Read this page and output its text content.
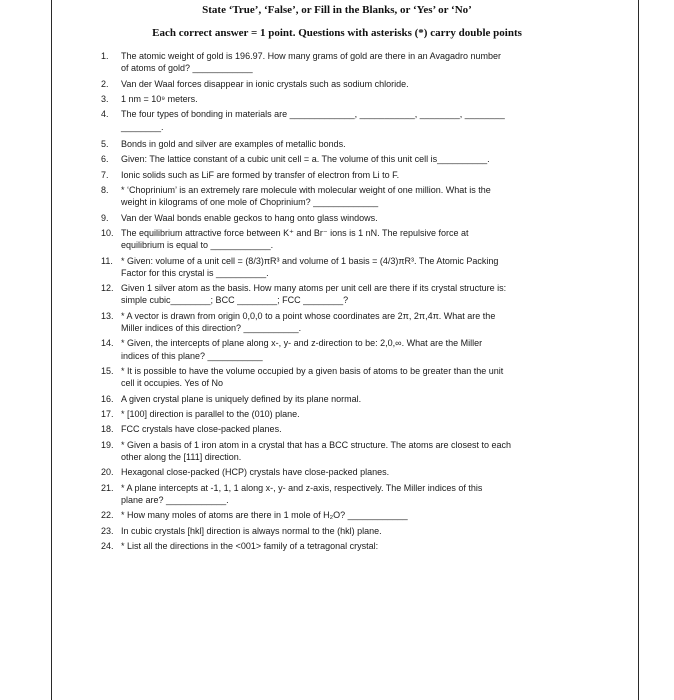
State ‘True’, ‘False’, or Fill in the Blanks, or ‘Yes’ or ‘No’
Each correct answer = 1 point. Questions with asterisks (*) carry double points
1.	The atomic weight of gold is 196.97. How many grams of gold are there in an Avagadro number
of atoms of gold? ____________
2.	Van der Waal forces disappear in ionic crystals such as sodium chloride.
3.	1 nm = 10⁹ meters.
4.	The four types of bonding in materials are _____________, ___________, ________, ________
________.
5.	Bonds in gold and silver are examples of metallic bonds.
6.	Given: The lattice constant of a cubic unit cell = a. The volume of this unit cell is__________.
7.	Ionic solids such as LiF are formed by transfer of electron from Li to F.
8.	* ‘Choprinium’ is an extremely rare molecule with molecular weight of one million. What is the
weight in kilograms of one mole of Choprinium? _____________
9.	Van der Waal bonds enable geckos to hang onto glass windows.
10. The equilibrium attractive force between K⁺ and Br⁻ ions is 1 nN. The repulsive force at
equilibrium is equal to ____________.
11. * Given: volume of a unit cell = (8/3)πR³ and volume of 1 basis = (4/3)πR³. The Atomic Packing
Factor for this crystal is __________.
12. Given 1 silver atom as the basis. How many atoms per unit cell are there if its crystal structure is:
simple cubic________; BCC ________; FCC ________?
13. * A vector is drawn from origin 0,0,0 to a point whose coordinates are 2π, 2π,4π. What are the
Miller indices of this direction? ___________.
14. * Given, the intercepts of plane along x-, y- and z-direction to be: 2,0,∞. What are the Miller
indices of this plane? ___________
15. * It is possible to have the volume occupied by a given basis of atoms to be greater than the unit
cell it occupies. Yes of No
16. A given crystal plane is uniquely defined by its plane normal.
17. * [100] direction is parallel to the (010) plane.
18. FCC crystals have close-packed planes.
19. * Given a basis of 1 iron atom in a crystal that has a BCC structure. The atoms are closest to each
other along the [111] direction.
20. Hexagonal close-packed (HCP) crystals have close-packed planes.
21. * A plane intercepts at -1, 1, 1 along x-, y- and z-axis, respectively. The Miller indices of this
plane are? ____________.
22. * How many moles of atoms are there in 1 mole of H₂O? ____________
23. In cubic crystals [hkl] direction is always normal to the (hkl) plane.
24. * List all the directions in the <001> family of a tetragonal crystal:
